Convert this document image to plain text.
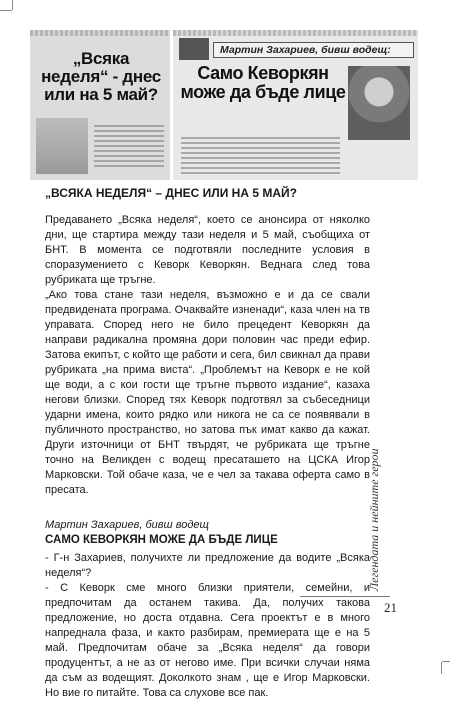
„Всяка неделя“ - днес или на 5 май?
Мартин Захариев, бивш водещ:
Само Кеворкян може да бъде лице
„ВСЯКА НЕДЕЛЯ“ – ДНЕС ИЛИ НА 5 МАЙ?

Предаването „Всяка неделя“, което се анонсира от няколко дни, ще стартира между тази неделя и 5 май, съобщиха от БНТ. В момента се подготвяли последните условия в споразумението с Кеворк Кеворкян. Веднага след това рубриката ще тръгне.

„Ако това стане тази неделя, възможно е и да се свали предвидената програма. Очаквайте изненади“, каза член на тв управата. Според него не било прецедент Кеворкян да направи радикална промяна дори половин час преди ефир. Затова екипът, с който ще работи и сега, бил свикнал да прави рубриката „на прима виста“. „Проблемът на Кеворк е не кой ще води, а с кои гости ще тръгне първото издание“, казаха негови близки. Според тях Кеворк подготвял за събеседници ударни имена, които рядко или никога не са се появявали в публичното пространство, но затова пък имат какво да кажат. Други източници от БНТ твърдят, че рубриката ще тръгне точно на Великден с водещ пресаташето на ЦСКА Игор Марковски. Той обаче каза, че е чел за такава оферта само в пресата.

Мартин Захариев, бивш водещ

САМО КЕВОРКЯН МОЖЕ ДА БЪДЕ ЛИЦЕ

- Г-н Захариев, получихте ли предложение да водите „Всяка неделя“?

- С Кеворк сме много близки приятели, семейни, и предпочитам да останем такива. Да, получих такова предложение, но доста отдавна. Сега проектът е в много напреднала фаза, и както разбирам, премиерата ще е на 5 май. Предпочитам обаче за „Всяка неделя“ да говори продуцентът, а не аз от негово име. При всички случаи няма да съм аз водещият. Доколкото знам , ще е Игор Марковски. Но вие го питайте. Това са слухове все пак.

Легендата и нейните герои
21
